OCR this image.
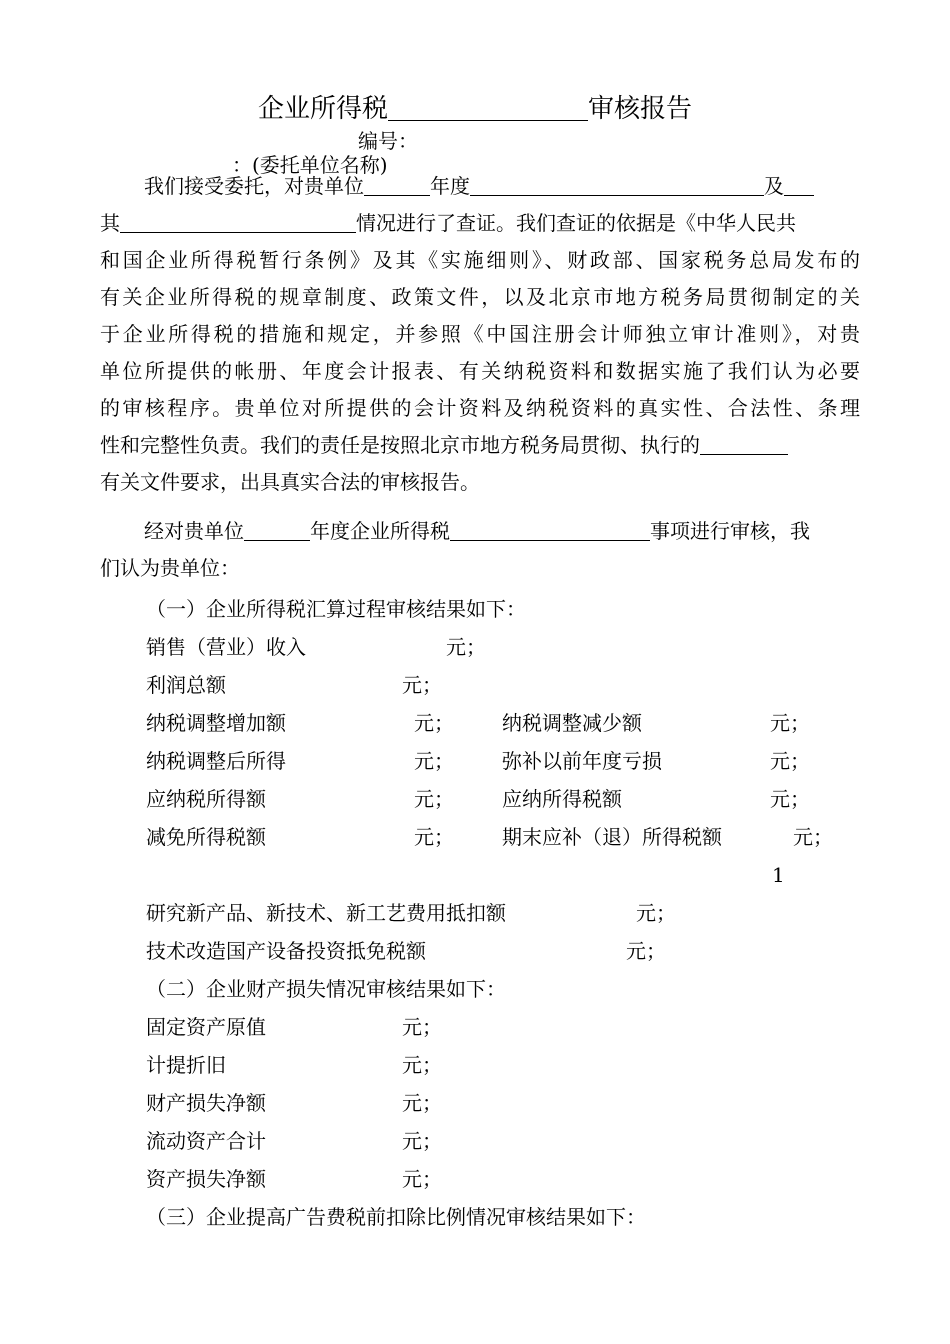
企业所得税	审核报告
编号：
：(委托单位名称)
我们接受委托，对贵单位	年度	及
其	情况进行了查证。我们查证的依据是《中华人民共
和国企业所得税暂行条例》及其《实施细则》、财政部、国家税务总局发布的
有关企业所得税的规章制度、政策文件，以及北京市地方税务局贯彻制定的关
于企业所得税的措施和规定，并参照《中国注册会计师独立审计准则》，对贵
单位所提供的帐册、年度会计报表、有关纳税资料和数据实施了我们认为必要
的审核程序。贵单位对所提供的会计资料及纳税资料的真实性、合法性、条理
性和完整性负责。我们的责任是按照北京市地方税务局贯彻、执行的
有关文件要求，出具真实合法的审核报告。
经对贵单位	年度企业所得税	事项进行审核，我
们认为贵单位：
（一）企业所得税汇算过程审核结果如下：
销售（营业）收入	元；
利润总额	元；
纳税调整增加额	元； 纳税调整减少额	元；
纳税调整后所得	元； 弥补以前年度亏损	元；
应纳税所得额	元； 应纳所得税额	元；
减免所得税额	元； 期末应补（退）所得税额	元；
1
研究新产品、新技术、新工艺费用抵扣额	元；
技术改造国产设备投资抵免税额	元；
（二）企业财产损失情况审核结果如下：
固定资产原值	元；
计提折旧	元；
财产损失净额	元；
流动资产合计	元；
资产损失净额	元；
（三）企业提高广告费税前扣除比例情况审核结果如下：
